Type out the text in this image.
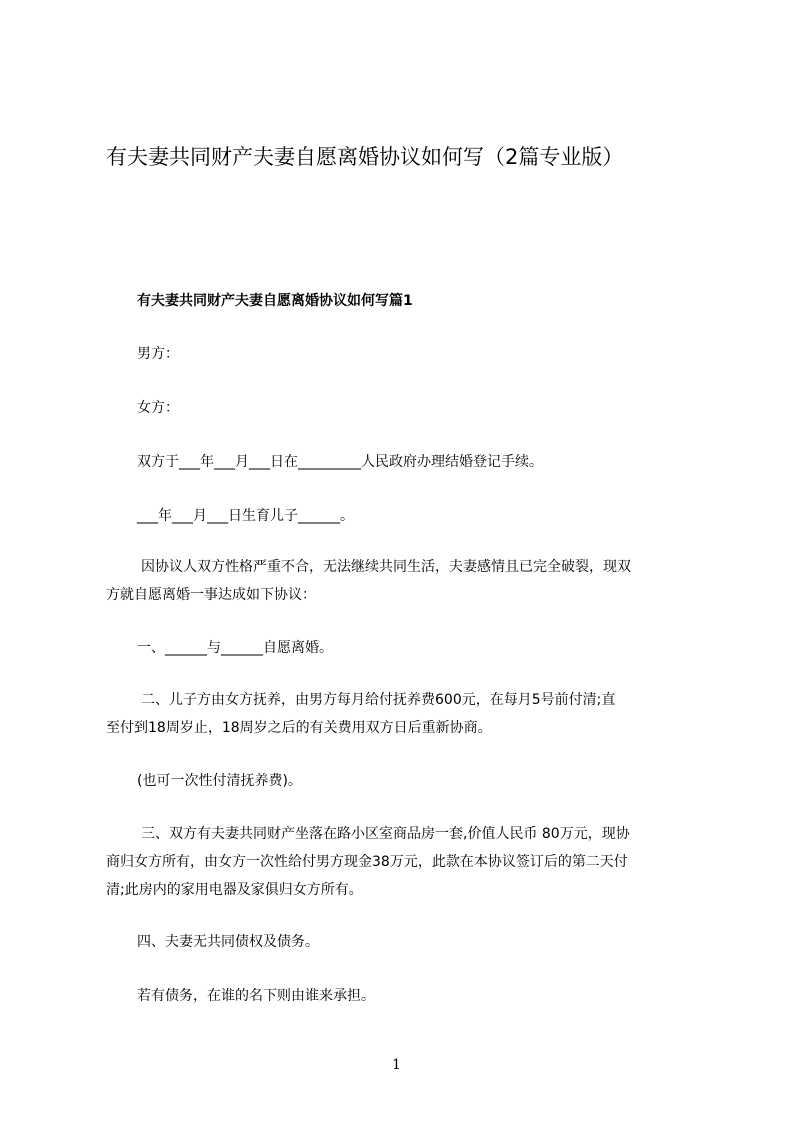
有夫妻共同财产夫妻自愿离婚协议如何写（2篇专业版）
有夫妻共同财产夫妻自愿离婚协议如何写篇1

男方：

女方：

双方于___年___月___日在_________人民政府办理结婚登记手续。

___年___月___日生育儿子______。

因协议人双方性格严重不合，无法继续共同生活，夫妻感情且已完全破裂，现双
方就自愿离婚一事达成如下协议：

一、______与______自愿离婚。

二、儿子方由女方抚养，由男方每月给付抚养费600元，在每月5号前付清;直
至付到18周岁止，18周岁之后的有关费用双方日后重新协商。

(也可一次性付清抚养费)。

三、双方有夫妻共同财产坐落在路小区室商品房一套,价值人民币 80万元，现协
商归女方所有，由女方一次性给付男方现金38万元，此款在本协议签订后的第二天付
清;此房内的家用电器及家俱归女方所有。

四、夫妻无共同债权及债务。

若有债务，在谁的名下则由谁来承担。

1
